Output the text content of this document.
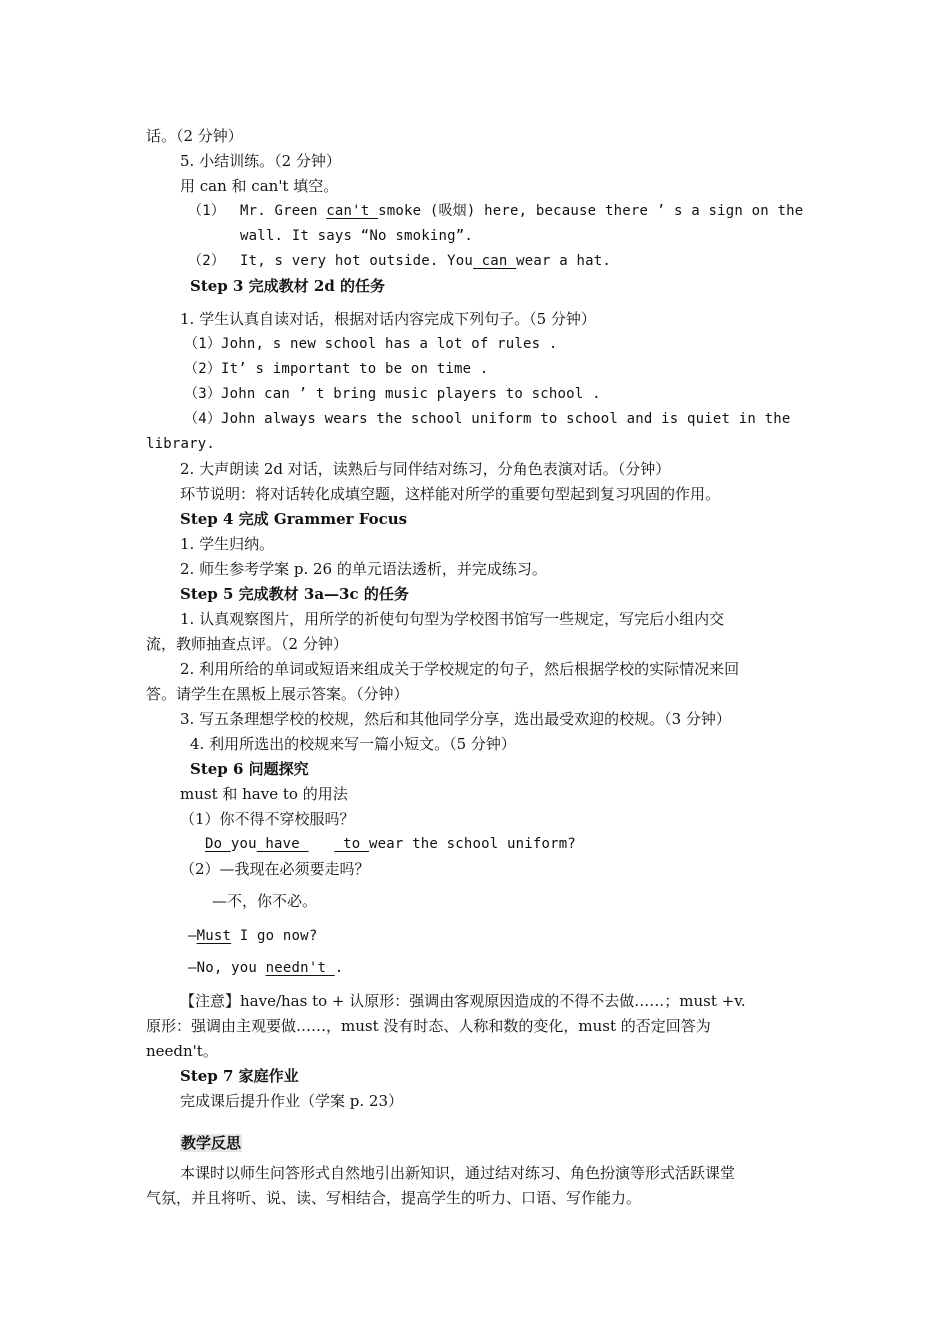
话。（2 分钟）
5. 小结训练。（2 分钟）
用 can 和 can't 填空。
（1） Mr. Green can't smoke (吸烟) here, because there ’ s a sign on the
wall. It says “No smoking”.
（2） It, s very hot outside. You can wear a hat.
Step 3 完成教材 2d 的任务
1. 学生认真自读对话，根据对话内容完成下列句子。（5 分钟）
（1）John, s new school has a lot of rules .
（2）It’ s important to be on time .
（3）John can ’ t bring music players to school .
（4）John always wears the school uniform to school and is quiet in the
library.
2. 大声朗读 2d 对话，读熟后与同伴结对练习，分角色表演对话。（分钟）
环节说明：将对话转化成填空题，这样能对所学的重要句型起到复习巩固的作用。
Step 4 完成 Grammer Focus
1. 学生归纳。
2. 师生参考学案 p. 26 的单元语法透析，并完成练习。
Step 5 完成教材 3a—3c 的任务
1. 认真观察图片，用所学的祈使句句型为学校图书馆写一些规定，写完后小组内交
流，教师抽查点评。（2 分钟）
2. 利用所给的单词或短语来组成关于学校规定的句子，然后根据学校的实际情况来回
答。请学生在黑板上展示答案。（分钟）
3. 写五条理想学校的校规，然后和其他同学分享，选出最受欢迎的校规。（3 分钟）
4. 利用所选出的校规来写一篇小短文。（5 分钟）
Step 6 问题探究
must 和 have to 的用法
（1）你不得不穿校服吗？
Do you have     to wear the school uniform?
（2）—我现在必须要走吗？
—不，你不必。
—Must I go now?
—No, you needn't .
【注意】have/has to + 认原形：强调由客观原因造成的不得不去做……；must +v.
原形：强调由主观要做……，must 没有时态、人称和数的变化，must 的否定回答为
needn't。
Step 7 家庭作业
完成课后提升作业（学案 p. 23）
教学反思
本课时以师生问答形式自然地引出新知识，通过结对练习、角色扮演等形式活跃课堂
气氛，并且将听、说、读、写相结合，提高学生的听力、口语、写作能力。
